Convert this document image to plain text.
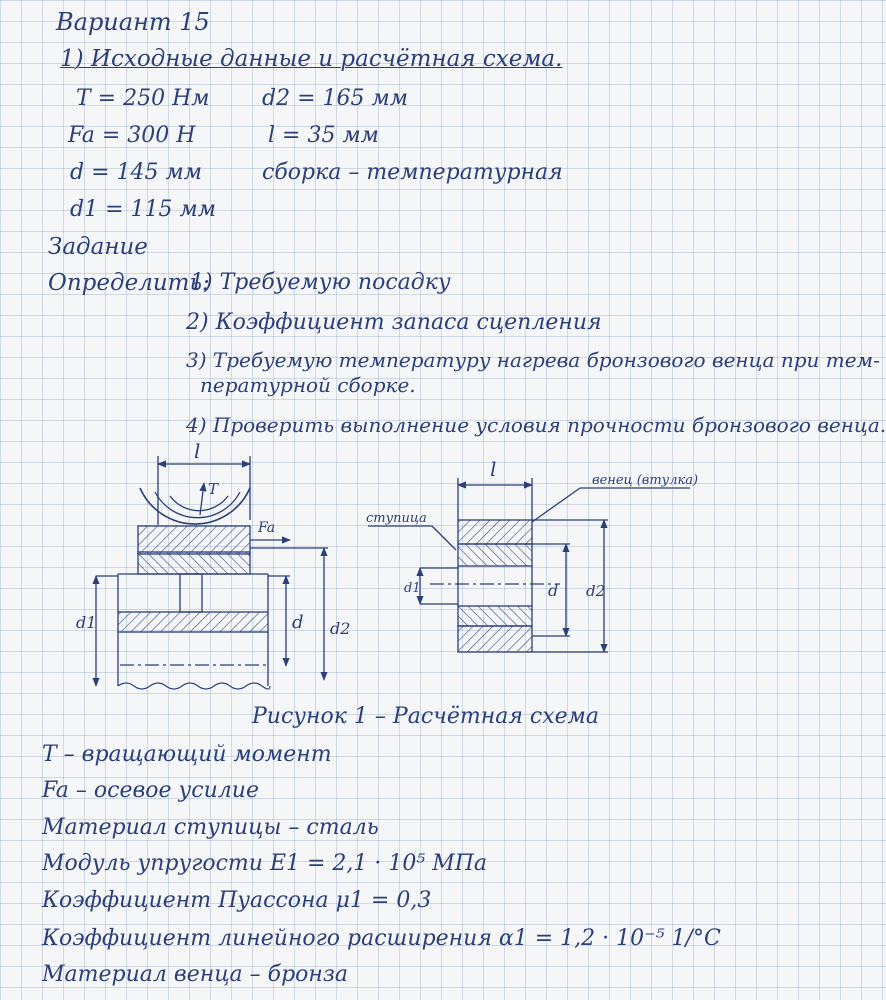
Вариант 15
1) Исходные данные и расчётная схема.
T = 250 Нм
Fa = 300 Н
d = 145 мм
d1 = 115 мм
d2 = 165 мм
l = 35 мм
сборка – температурная
Задание
Определить:
1) Требуемую посадку
2) Коэффициент запаса сцепления
3) Требуемую температуру нагрева бронзового венца при тем-
пературной сборке.
4) Проверить выполнение условия прочности бронзового венца.
l
T
Fa
d1	d d2
l	венец (втулка)
ступица
d1	d d2
Рисунок 1 – Расчётная схема
T – вращающий момент
Fa – осевое усилие
Материал ступицы – сталь
Модуль упругости E1 = 2,1 · 10⁵ МПа
Коэффициент Пуассона μ1 = 0,3
Коэффициент линейного расширения α1 = 1,2 · 10⁻⁵ 1/°C
Материал венца – бронза
